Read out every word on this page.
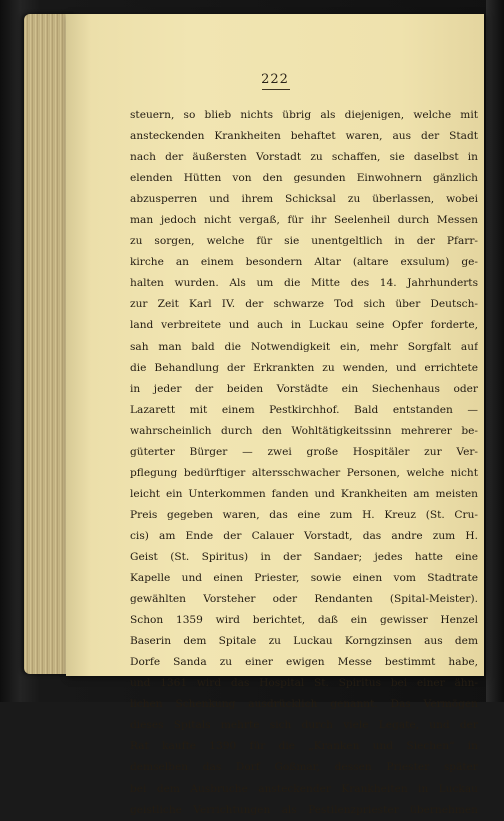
222
steuern, so blieb nichts übrig als diejenigen, welche mit
ansteckenden Krankheiten behaftet waren, aus der Stadt
nach der äußersten Vorstadt zu schaffen, sie daselbst in
elenden Hütten von den gesunden Einwohnern gänzlich
abzusperren und ihrem Schicksal zu überlassen, wobei
man jedoch nicht vergaß, für ihr Seelenheil durch Messen
zu sorgen, welche für sie unentgeltlich in der Pfarr-
kirche an einem besondern Altar (altare exsulum) ge-
halten wurden. Als um die Mitte des 14. Jahrhunderts
zur Zeit Karl IV. der schwarze Tod sich über Deutsch-
land verbreitete und auch in Luckau seine Opfer forderte,
sah man bald die Notwendigkeit ein, mehr Sorgfalt auf
die Behandlung der Erkrankten zu wenden, und errichtete
in jeder der beiden Vorstädte ein Siechenhaus oder
Lazarett mit einem Pestkirchhof. Bald entstanden —
wahrscheinlich durch den Wohltätigkeitssinn mehrerer be-
güterter Bürger — zwei große Hospitäler zur Ver-
pflegung bedürftiger altersschwacher Personen, welche nicht
leicht ein Unterkommen fanden und Krankheiten am meisten
Preis gegeben waren, das eine zum H. Kreuz (St. Cru-
cis) am Ende der Calauer Vorstadt, das andre zum H.
Geist (St. Spiritus) in der Sandaer; jedes hatte eine
Kapelle und einen Priester, sowie einen vom Stadtrate
gewählten Vorsteher oder Rendanten (Spital-Meister).
Schon 1359 wird berichtet, daß ein gewisser Henzel
Baserin dem Spitale zu Luckau Korngzinsen aus dem
Dorfe Sanda zu einer ewigen Messe bestimmt habe,
und 1361 wird das Hospital St. Spiritus bei einer ähn-
lichen Schenkung ausdrücklich genannt. Das Vermögen
dieses Spitals mehrte sich durch viele Legate, und der
Rat kaufte 1390 für die „Kranken und Siechen“ in
demselben das Dorf Goßmar, dessen Priester später
bei dem Ausbruche ansteckender Krankheiten in Luckau
geistliche Verrichtungen als Pestilenzpriester übernehmen
